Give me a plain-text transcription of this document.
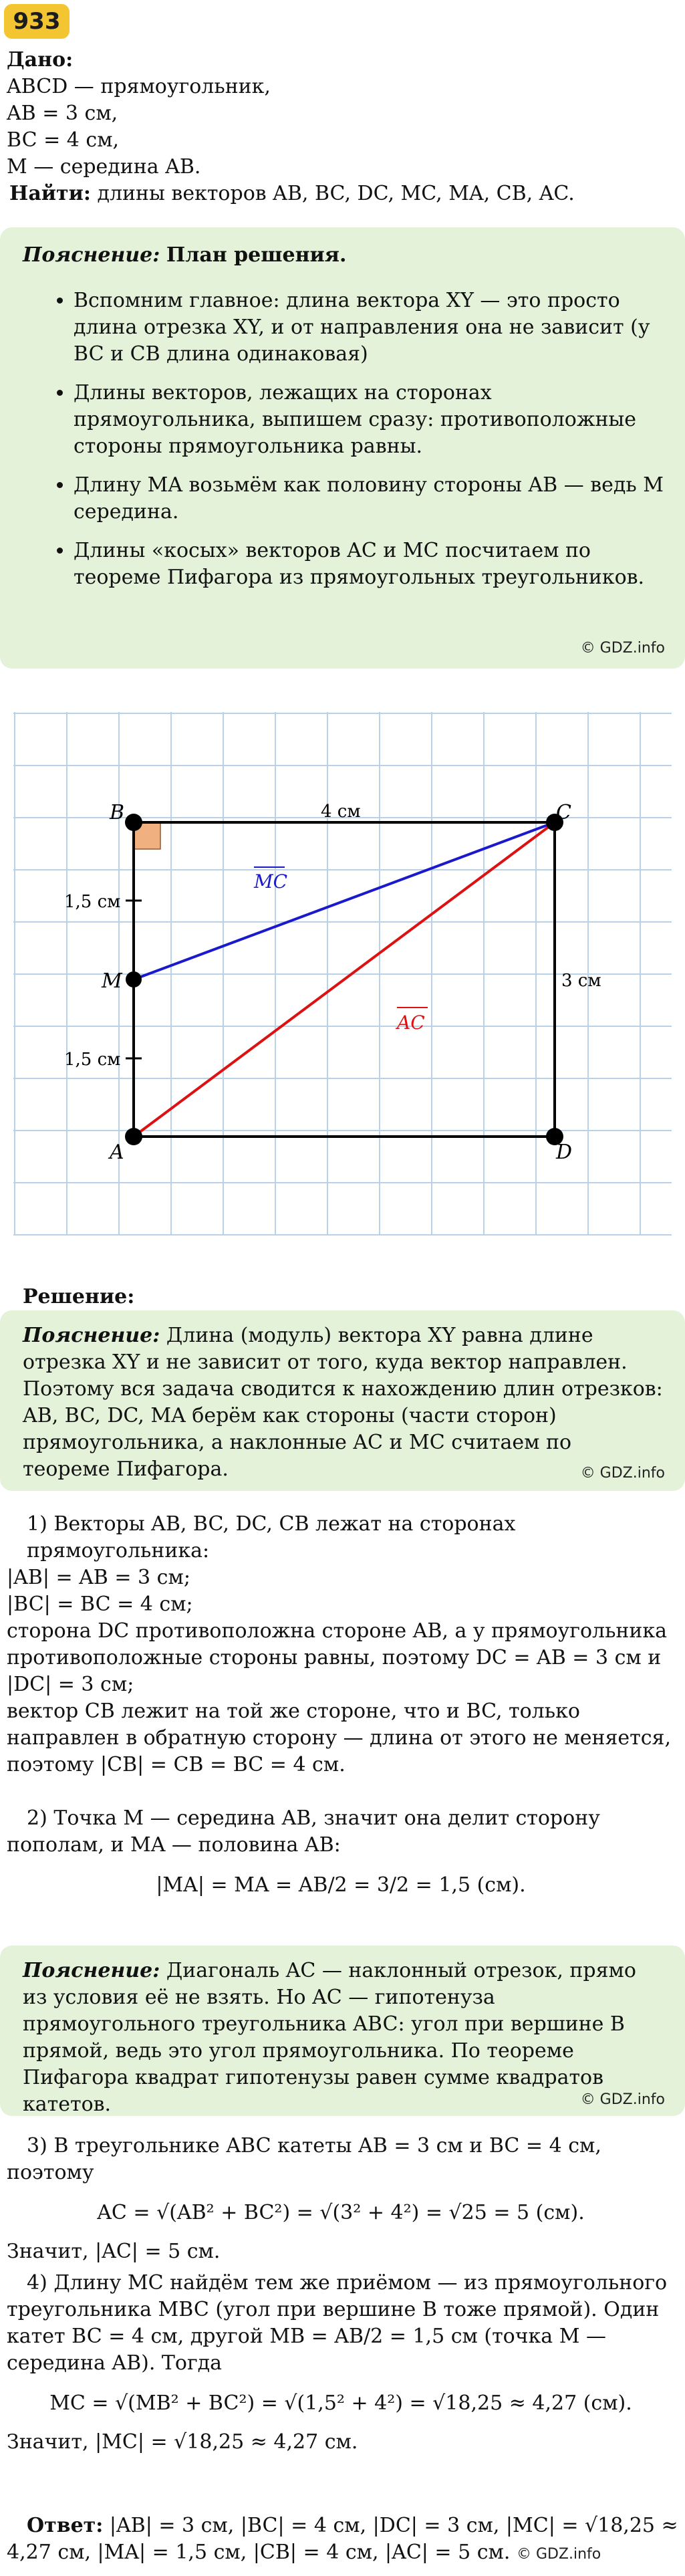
933
Дано:
ABCD — прямоугольник,
AB = 3 см,
BC = 4 см,
M — середина AB.
Найти: длины векторов AB, BC, DC, MC, MA, CB, AC.
Пояснение: План решения.
• Вспомним главное: длина вектора XY — это просто длина отрезка XY, и от направления она не зависит (у BC и CB длина одинаковая)
• Длины векторов, лежащих на сторонах прямоугольника, выпишем сразу: противоположные стороны прямоугольника равны.
• Длину MA возьмём как половину стороны AB — ведь M середина.
• Длины «косых» векторов AC и MC посчитаем по теореме Пифагора из прямоугольных треугольников.
© GDZ.info
B	C
A	D
M
4 см
3 см
1,5 см
1,5 см
MC
AC
Решение:
Пояснение: Длина (модуль) вектора XY равна длине отрезка XY и не зависит от того, куда вектор направлен. Поэтому вся задача сводится к нахождению длин отрезков: AB, BC, DC, MA берём как стороны (части сторон) прямоугольника, а наклонные AC и MC считаем по теореме Пифагора.	© GDZ.info
1) Векторы AB, BC, DC, CB лежат на сторонах прямоугольника:
|AB| = AB = 3 см;
|BC| = BC = 4 см;
сторона DC противоположна стороне AB, а у прямоугольника противоположные стороны равны, поэтому DC = AB = 3 см и |DC| = 3 см;
вектор CB лежит на той же стороне, что и BC, только направлен в обратную сторону — длина от этого не меняется, поэтому |CB| = CB = BC = 4 см.
2) Точка M — середина AB, значит она делит сторону пополам, и MA — половина AB:
|MA| = MA = AB/2 = 3/2 = 1,5 (см).
Пояснение: Диагональ AC — наклонный отрезок, прямо из условия её не взять. Но AC — гипотенуза прямоугольного треугольника ABC: угол при вершине B прямой, ведь это угол прямоугольника. По теореме Пифагора квадрат гипотенузы равен сумме квадратов катетов.	© GDZ.info
3) В треугольнике ABC катеты AB = 3 см и BC = 4 см, поэтому
AC = √(AB² + BC²) = √(3² + 4²) = √25 = 5 (см).
Значит, |AC| = 5 см.
4) Длину MC найдём тем же приёмом — из прямоугольного треугольника MBC (угол при вершине B тоже прямой). Один катет BC = 4 см, другой MB = AB/2 = 1,5 см (точка M — середина AB). Тогда
MC = √(MB² + BC²) = √(1,5² + 4²) = √18,25 ≈ 4,27 (см).
Значит, |MC| = √18,25 ≈ 4,27 см.
Ответ: |AB| = 3 см, |BC| = 4 см, |DC| = 3 см, |MC| = √18,25 ≈ 4,27 см, |MA| = 1,5 см, |CB| = 4 см, |AC| = 5 см. © GDZ.info
